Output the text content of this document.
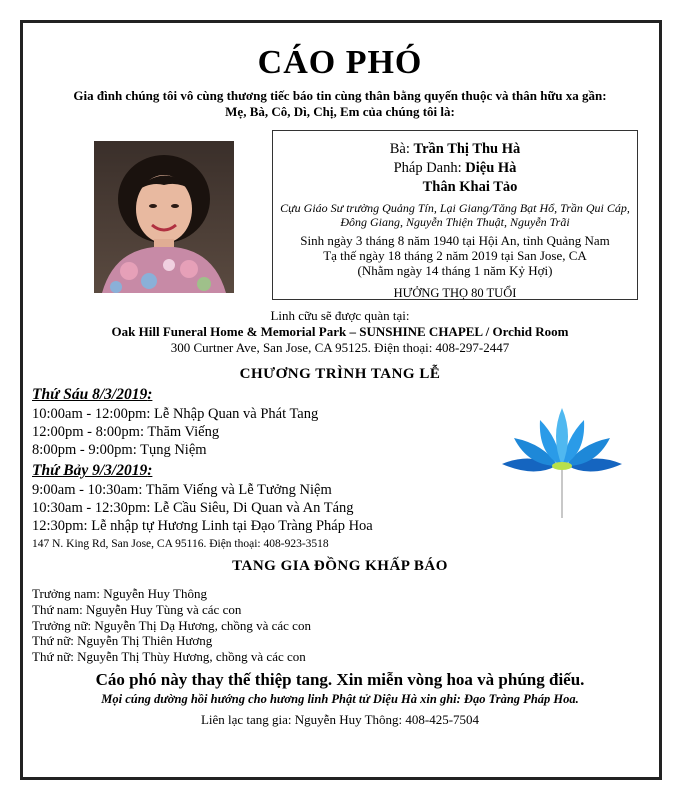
CÁO PHÓ
Gia đình chúng tôi vô cùng thương tiếc báo tin cùng thân bằng quyến thuộc và thân hữu xa gần:
Mẹ, Bà, Cô, Dì, Chị, Em của chúng tôi là:
Bà: Trần Thị Thu Hà
Pháp Danh: Diệu Hà
Thân Khai Tảo
Cựu Giáo Sư trường Quảng Tín, Lại Giang/Tăng Bạt Hổ, Trần Qui Cáp, Đông Giang, Nguyễn Thiện Thuật, Nguyễn Trãi
Sinh ngày 3 tháng 8 năm 1940 tại Hội An, tỉnh Quảng Nam
Tạ thế ngày 18 tháng 2 năm 2019 tại San Jose, CA
(Nhằm ngày 14 tháng 1 năm Kỷ Hợi)
HƯỞNG THỌ 80 TUỔI
Linh cữu sẽ được quàn tại:
Oak Hill Funeral Home & Memorial Park – SUNSHINE CHAPEL / Orchid Room
300 Curtner Ave, San Jose, CA 95125. Điện thoại: 408-297-2447
CHƯƠNG TRÌNH TANG LỄ
Thứ Sáu 8/3/2019:
10:00am - 12:00pm: Lễ Nhập Quan và Phát Tang
12:00pm - 8:00pm: Thăm Viếng
8:00pm - 9:00pm: Tụng Niệm
Thứ Bảy 9/3/2019:
9:00am - 10:30am: Thăm Viếng và Lễ Tưởng Niệm
10:30am - 12:30pm: Lễ Cầu Siêu, Di Quan và An Táng
12:30pm: Lễ nhập tự Hương Linh tại Đạo Tràng Pháp Hoa
147 N. King Rd, San Jose, CA 95116. Điện thoại: 408-923-3518
TANG GIA ĐỒNG KHẤP BÁO
Trưởng nam: Nguyễn Huy Thông
Thứ nam: Nguyễn Huy Tùng và các con
Trưởng nữ: Nguyễn Thị Dạ Hương, chồng và các con
Thứ nữ: Nguyễn Thị Thiên Hương
Thứ nữ: Nguyễn Thị Thùy Hương, chồng và các con
Cáo phó này thay thế thiệp tang. Xin miễn vòng hoa và phúng điếu.
Mọi cúng dường hồi hướng cho hương linh Phật tử Diệu Hà xin ghi: Đạo Tràng Pháp Hoa.
Liên lạc tang gia: Nguyễn Huy Thông: 408-425-7504
